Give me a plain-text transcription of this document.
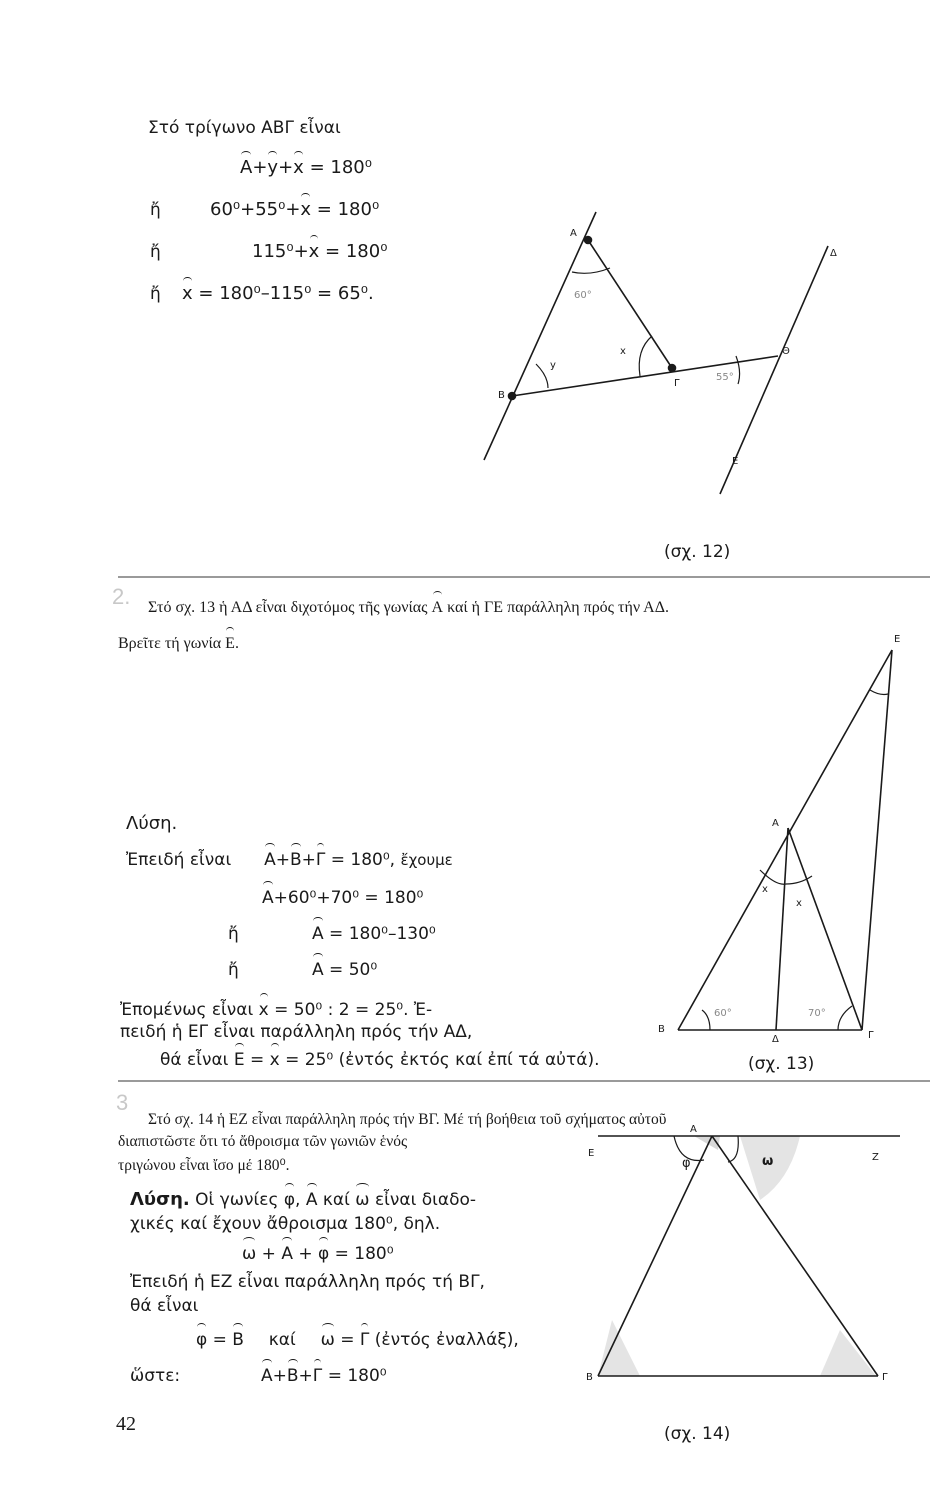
Στό τρίγωνο ΑΒΓ εἶναι
A+y+x = 180⁰
ἤ	60⁰+55⁰+x = 180⁰
ἤ	115⁰+x = 180⁰
ἤ x = 180⁰–115⁰ = 65⁰.
(σχ. 12)
2. Στό σχ. 13 ἡ ΑΔ εἶναι διχοτόμος τῆς γωνίας Α καί ἡ ΓΕ παράλληλη πρός τήν ΑΔ.
Βρεῖτε τή γωνία Ε.
Λύση.
Ἐπειδή εἶναι A+B+Γ = 180⁰, ἔχουμε
A+60⁰+70⁰ = 180⁰
ἤ	A = 180⁰–130⁰
ἤ	A = 50⁰
Ἐπομένως εἶναι x = 50⁰ : 2 = 25⁰. Ἐ-
πειδή ἡ ΕΓ εἶναι παράλληλη πρός τήν ΑΔ,
θά εἶναι E = x = 25⁰ (ἐντός ἐκτός καί ἐπί τά αὐτά).	(σχ. 13)
3
Στό σχ. 14 ἡ ΕΖ εἶναι παράλληλη πρός τήν ΒΓ. Μέ τή βοήθεια τοῦ σχήματος αὐτοῦ
διαπιστῶστε ὅτι τό ἄθροισμα τῶν γωνιῶν ἑνός
τριγώνου εἶναι ἴσο μέ 180⁰.
Λύση. Οἱ γωνίες φ, A καί ω εἶναι διαδο-
χικές καί ἔχουν ἄθροισμα 180⁰, δηλ.
ω + A + φ = 180⁰
Ἐπειδή ἡ ΕΖ εἶναι παράλληλη πρός τή ΒΓ,
θά εἶναι
φ = B καί ω = Γ (ἐντός ἐναλλάξ),
ὥστε:	A+B+Γ = 180⁰
(σχ. 14)
42
A
B
Γ
Δ
Θ
E
60°
55°
x
y
E
A
B
Δ	Γ
x
x
60°	70°
A
E	Z
B	Γ
φ	ω
